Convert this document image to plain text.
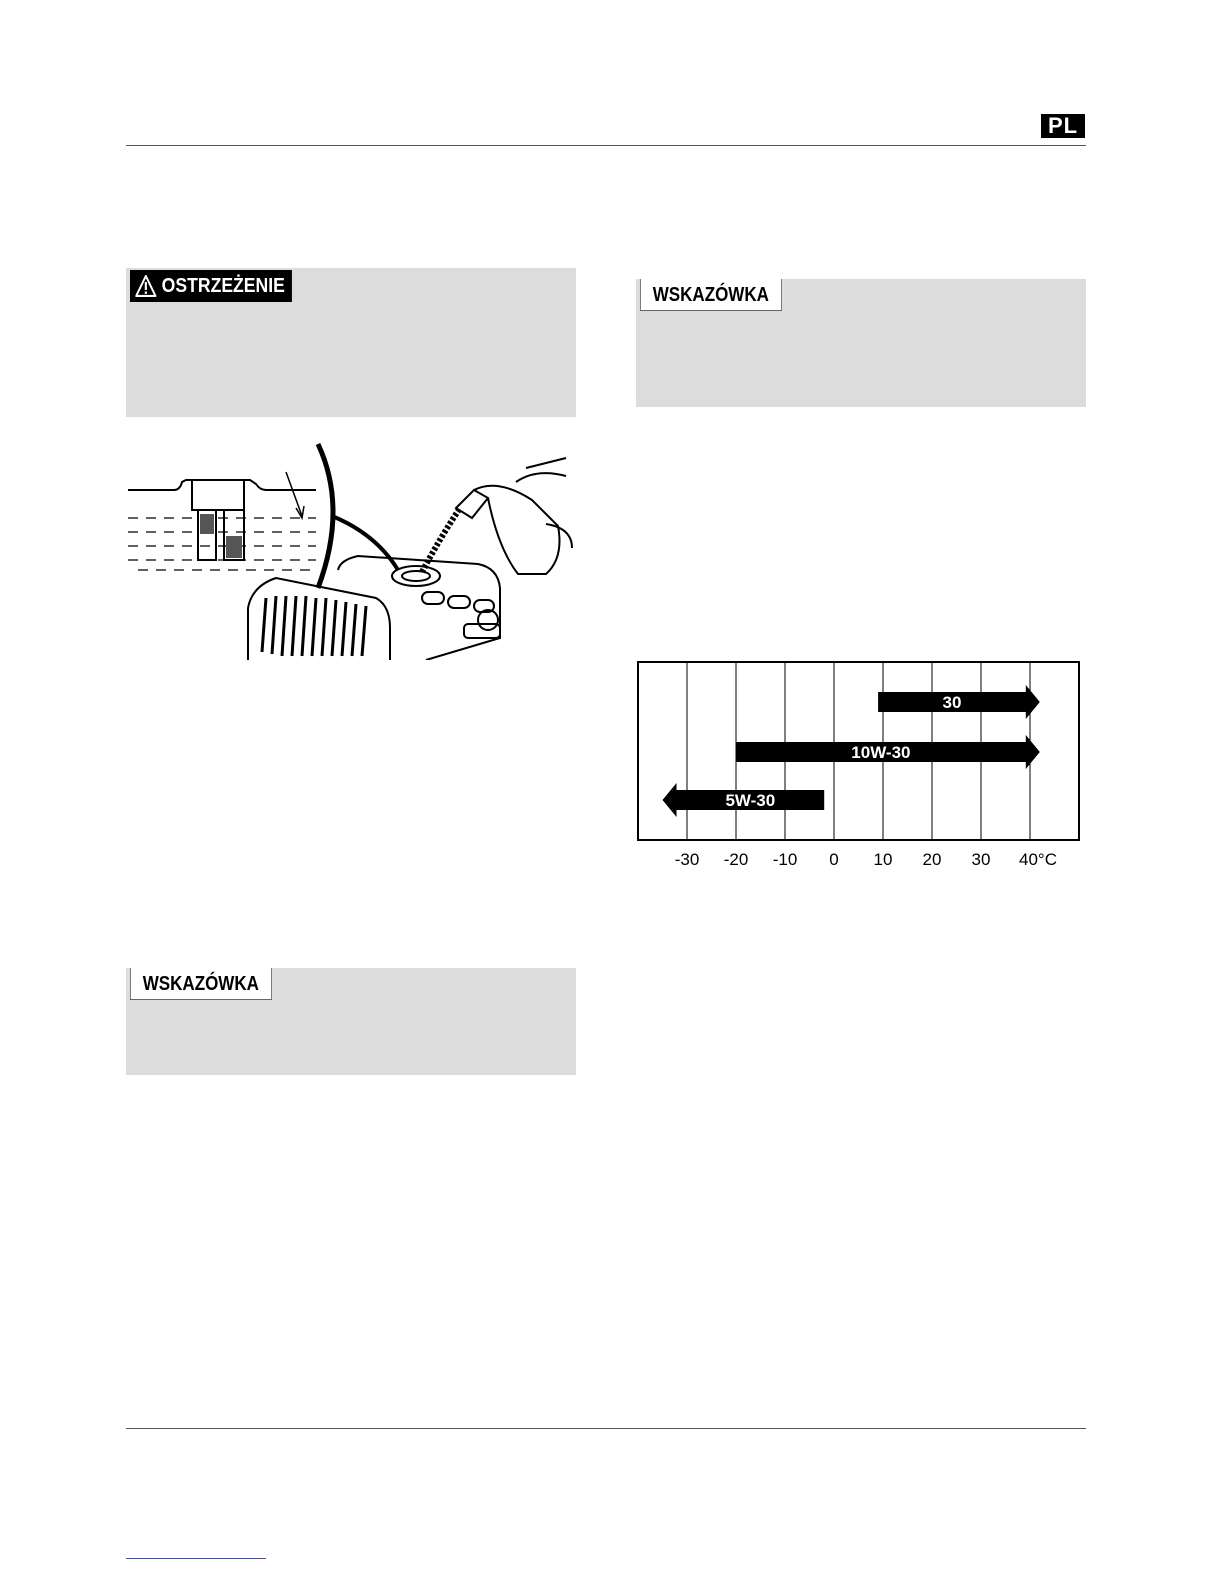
PL
OSTRZEŻENIE	WSKAZÓWKA
WSKAZÓWKA
30
10W-30
5W-30
-30 -20 -10 0 10 20 30 40°C
